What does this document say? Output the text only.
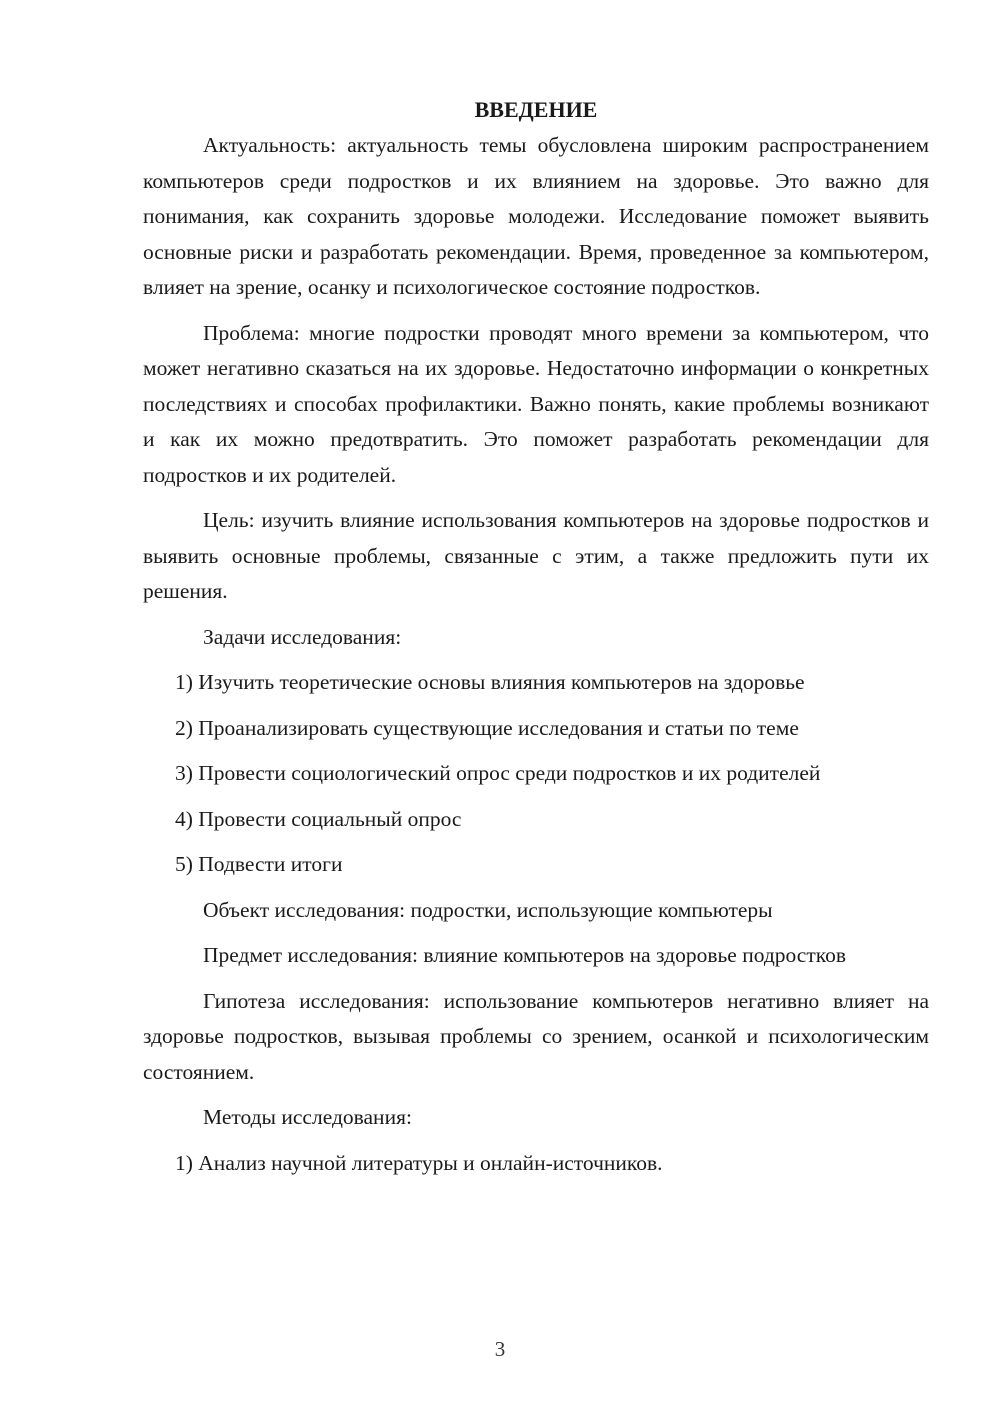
ВВЕДЕНИЕ

Актуальность: актуальность темы обусловлена широким распространением компьютеров среди подростков и их влиянием на здоровье. Это важно для понимания, как сохранить здоровье молодежи. Исследование поможет выявить основные риски и разработать рекомендации. Время, проведенное за компьютером, влияет на зрение, осанку и психологическое состояние подростков.

Проблема: многие подростки проводят много времени за компьютером, что может негативно сказаться на их здоровье. Недостаточно информации о конкретных последствиях и способах профилактики. Важно понять, какие проблемы возникают и как их можно предотвратить. Это поможет разработать рекомендации для подростков и их родителей.

Цель: изучить влияние использования компьютеров на здоровье подростков и выявить основные проблемы, связанные с этим, а также предложить пути их решения.

Задачи исследования:

1) Изучить теоретические основы влияния компьютеров на здоровье

2) Проанализировать существующие исследования и статьи по теме

3) Провести социологический опрос среди подростков и их родителей

4) Провести социальный опрос

5) Подвести итоги

Объект исследования: подростки, использующие компьютеры

Предмет исследования: влияние компьютеров на здоровье подростков

Гипотеза исследования: использование компьютеров негативно влияет на здоровье подростков, вызывая проблемы со зрением, осанкой и психологическим состоянием.

Методы исследования:

1) Анализ научной литературы и онлайн-источников.

3
